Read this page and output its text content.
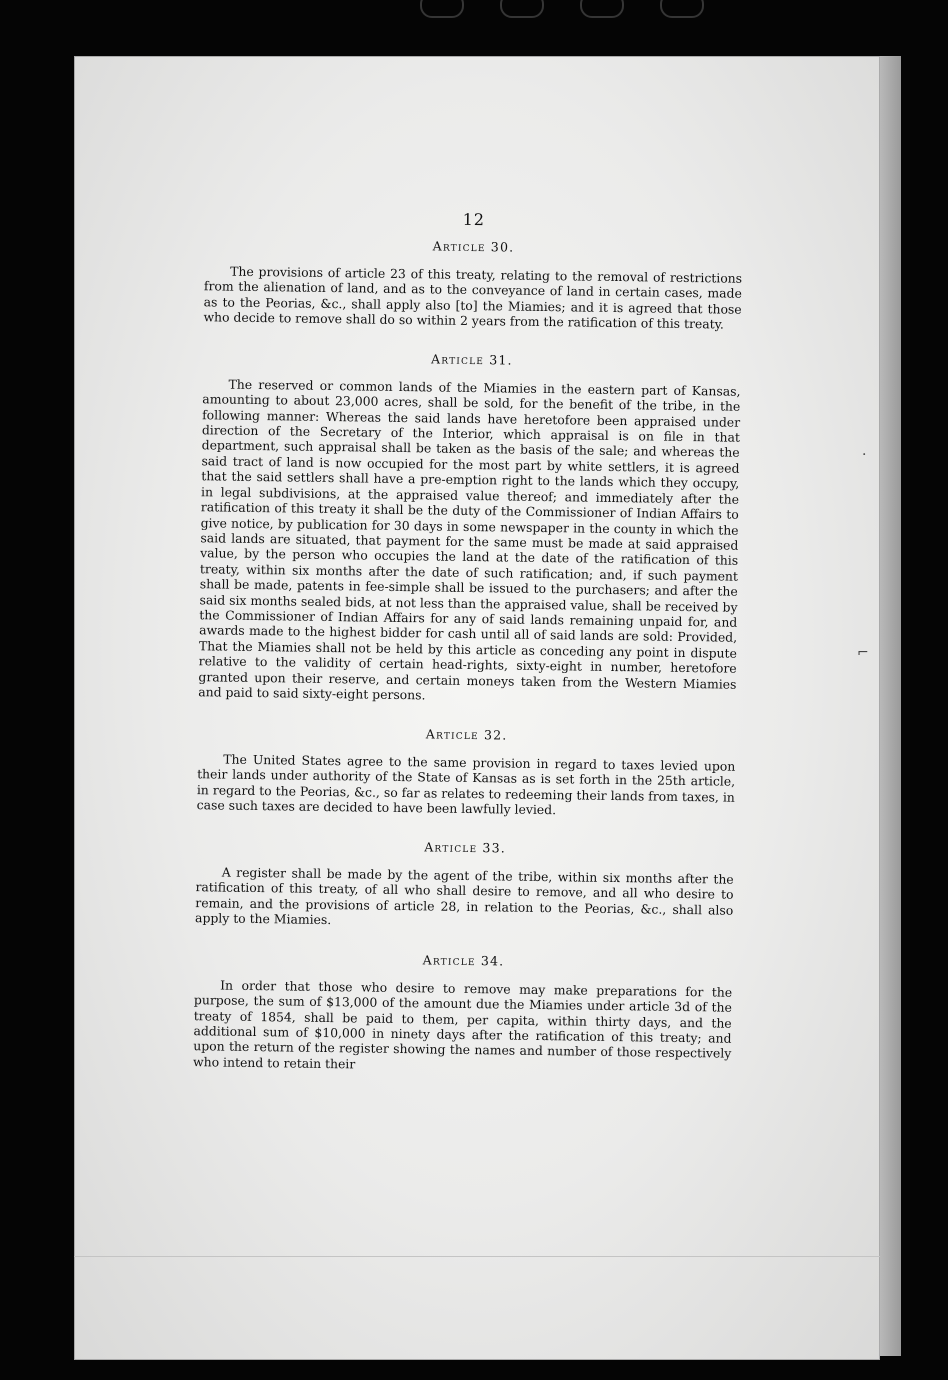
·
⌐
12
Article 30.

The provisions of article 23 of this treaty, relating to the removal of restrictions from the alienation of land, and as to the conveyance of land in certain cases, made as to the Peorias, &c., shall apply also [to] the Miamies; and it is agreed that those who decide to remove shall do so within 2 years from the ratification of this treaty.

Article 31.

The reserved or common lands of the Miamies in the eastern part of Kansas, amounting to about 23,000 acres, shall be sold, for the benefit of the tribe, in the following manner: Whereas the said lands have heretofore been appraised under direction of the Secretary of the Interior, which appraisal is on file in that department, such appraisal shall be taken as the basis of the sale; and whereas the said tract of land is now occupied for the most part by white settlers, it is agreed that the said settlers shall have a pre-emption right to the lands which they occupy, in legal subdivisions, at the appraised value thereof; and immediately after the ratification of this treaty it shall be the duty of the Commissioner of Indian Affairs to give notice, by publication for 30 days in some newspaper in the county in which the said lands are situated, that payment for the same must be made at said appraised value, by the person who occupies the land at the date of the ratification of this treaty, within six months after the date of such ratification; and, if such payment shall be made, patents in fee-simple shall be issued to the purchasers; and after the said six months sealed bids, at not less than the appraised value, shall be received by the Commissioner of Indian Affairs for any of said lands remaining unpaid for, and awards made to the highest bidder for cash until all of said lands are sold: Provided, That the Miamies shall not be held by this article as conceding any point in dispute relative to the validity of certain head-rights, sixty-eight in number, heretofore granted upon their reserve, and certain moneys taken from the Western Miamies and paid to said sixty-eight persons.

Article 32.

The United States agree to the same provision in regard to taxes levied upon their lands under authority of the State of Kansas as is set forth in the 25th article, in regard to the Peorias, &c., so far as relates to redeeming their lands from taxes, in case such taxes are decided to have been lawfully levied.

Article 33.

A register shall be made by the agent of the tribe, within six months after the ratification of this treaty, of all who shall desire to remove, and all who desire to remain, and the provisions of article 28, in relation to the Peorias, &c., shall also apply to the Miamies.

Article 34.

In order that those who desire to remove may make preparations for the purpose, the sum of $13,000 of the amount due the Miamies under article 3d of the treaty of 1854, shall be paid to them, per capita, within thirty days, and the additional sum of $10,000 in ninety days after the ratification of this treaty; and upon the return of the register showing the names and number of those respectively who intend to retain their
